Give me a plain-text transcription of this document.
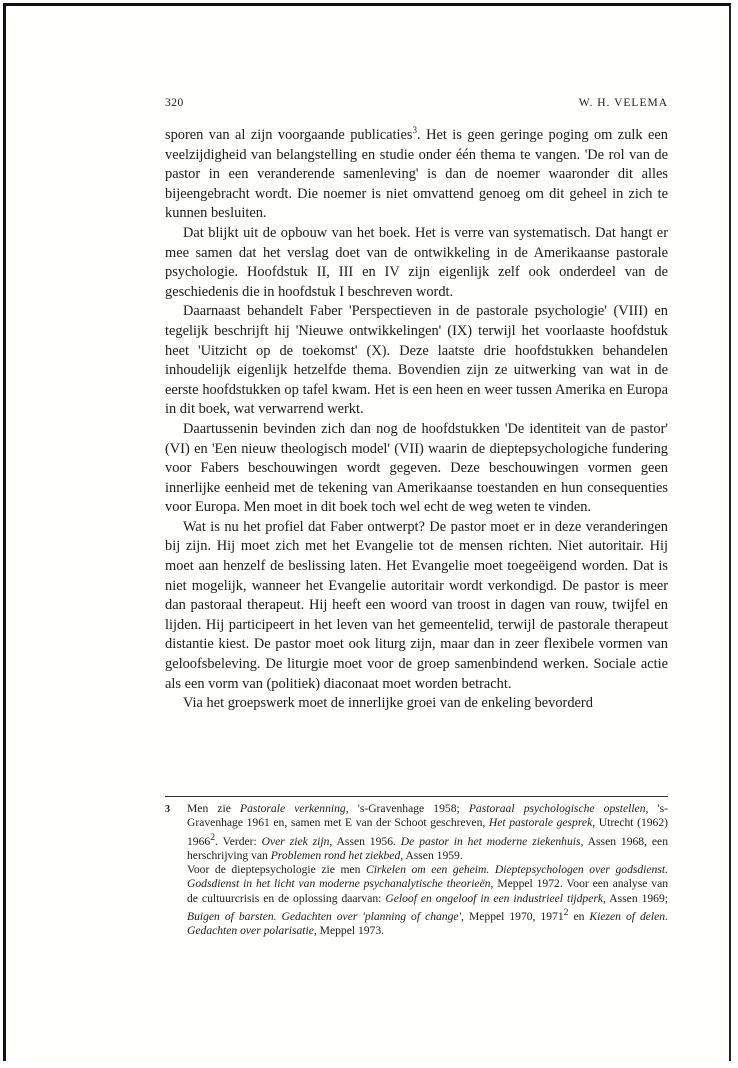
320	W. H. VELEMA

sporen van al zijn voorgaande publicaties$^3$. Het is geen geringe poging om zulk een veelzijdigheid van belangstelling en studie onder één thema te vangen. 'De rol van de pastor in een veranderende samenleving' is dan de noemer waaronder dit alles bijeengebracht wordt. Die noemer is niet omvattend genoeg om dit geheel in zich te kunnen besluiten.

Dat blijkt uit de opbouw van het boek. Het is verre van systematisch. Dat hangt er mee samen dat het verslag doet van de ontwikkeling in de Amerikaanse pastorale psychologie. Hoofdstuk II, III en IV zijn eigenlijk zelf ook onderdeel van de geschiedenis die in hoofdstuk I beschreven wordt.

Daarnaast behandelt Faber 'Perspectieven in de pastorale psychologie' (VIII) en tegelijk beschrijft hij 'Nieuwe ontwikkelingen' (IX) terwijl het voorlaaste hoofdstuk heet 'Uitzicht op de toekomst' (X). Deze laatste drie hoofdstukken behandelen inhoudelijk eigenlijk hetzelfde thema. Bovendien zijn ze uitwerking van wat in de eerste hoofdstukken op tafel kwam. Het is een heen en weer tussen Amerika en Europa in dit boek, wat verwarrend werkt.

Daartussenin bevinden zich dan nog de hoofdstukken 'De identiteit van de pastor' (VI) en 'Een nieuw theologisch model' (VII) waarin de dieptepsychologiche fundering voor Fabers beschouwingen wordt gegeven. Deze beschouwingen vormen geen innerlijke eenheid met de tekening van Amerikaanse toestanden en hun consequenties voor Europa. Men moet in dit boek toch wel echt de weg weten te vinden.

Wat is nu het profiel dat Faber ontwerpt? De pastor moet er in deze veranderingen bij zijn. Hij moet zich met het Evangelie tot de mensen richten. Niet autoritair. Hij moet aan henzelf de beslissing laten. Het Evangelie moet toegeëigend worden. Dat is niet mogelijk, wanneer het Evangelie autoritair wordt verkondigd. De pastor is meer dan pastoraal therapeut. Hij heeft een woord van troost in dagen van rouw, twijfel en lijden. Hij participeert in het leven van het gemeentelid, terwijl de pastorale therapeut distantie kiest. De pastor moet ook liturg zijn, maar dan in zeer flexibele vormen van geloofsbeleving. De liturgie moet voor de groep samenbindend werken. Sociale actie als een vorm van (politiek) diaconaat moet worden betracht.

Via het groepswerk moet de innerlijke groei van de enkeling bevorderd

3	Men zie Pastorale verkenning, 's-Gravenhage 1958; Pastoraal psychologische opstellen, 's-Gravenhage 1961 en, samen met E van der Schoot geschreven, Het pastorale gesprek, Utrecht (1962) 1966$^2$. Verder: Over ziek zijn, Assen 1956. De pastor in het moderne ziekenhuis, Assen 1968, een herschrijving van Problemen rond het ziekbed, Assen 1959.

Voor de dieptepsychologie zie men Cirkelen om een geheim. Dieptepsychologen over godsdienst. Godsdienst in het licht van moderne psychanalytische theorieën, Meppel 1972. Voor een analyse van de cultuurcrisis en de oplossing daarvan: Geloof en ongeloof in een industrieel tijdperk, Assen 1969; Buigen of barsten. Gedachten over 'planning of change', Meppel 1970, 1971$^2$ en Kiezen of delen. Gedachten over polarisatie, Meppel 1973.
